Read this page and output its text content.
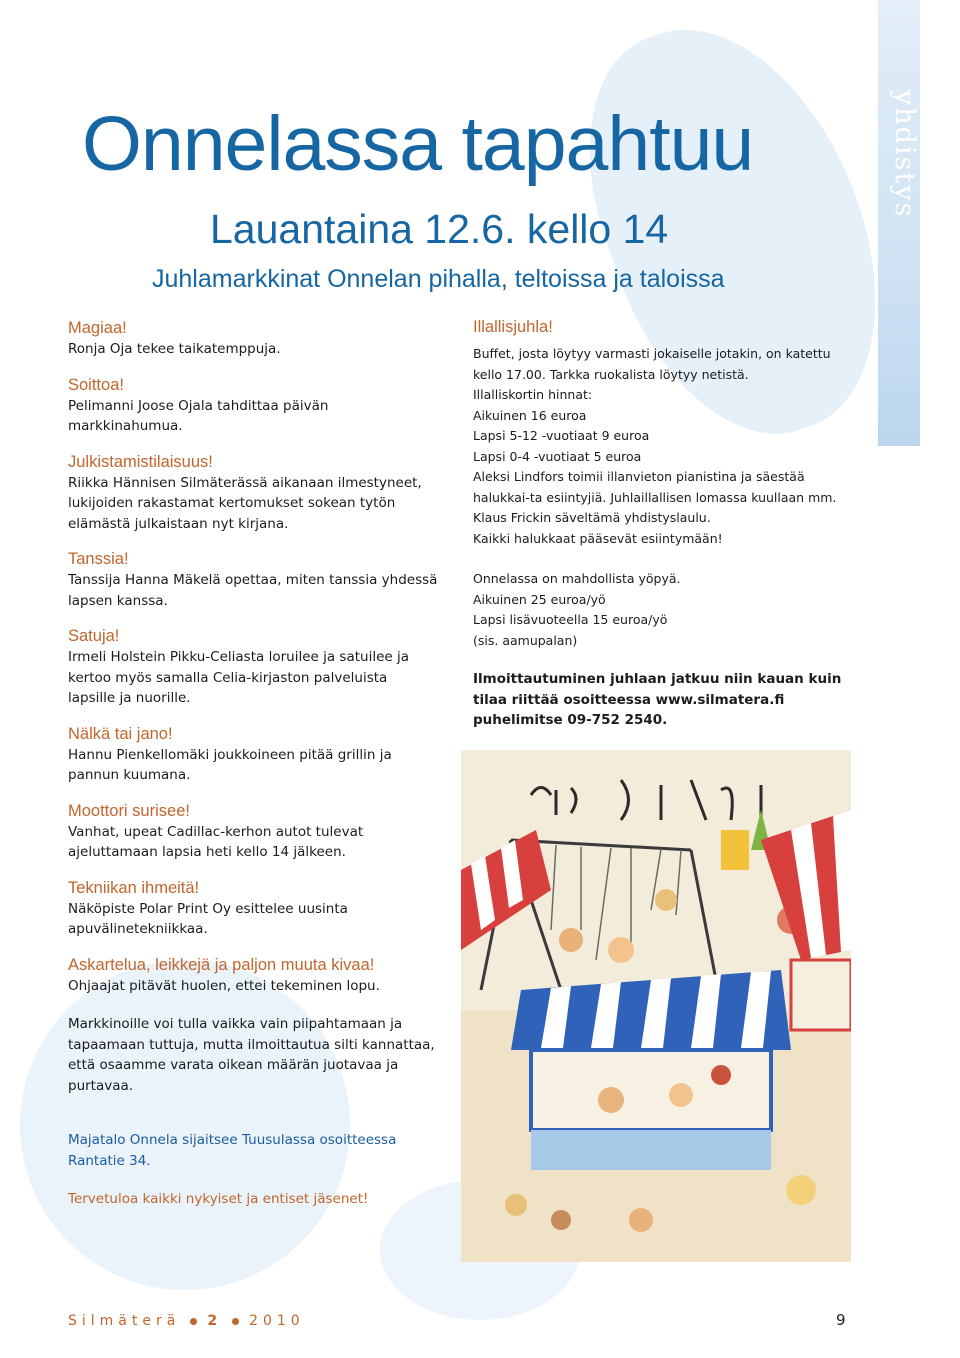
yhdistys
Onnelassa tapahtuu
Lauantaina 12.6. kello 14
Juhlamarkkinat Onnelan pihalla, teltoissa ja taloissa
Magiaa!
Ronja Oja tekee taikatemppuja.
Soittoa!
Pelimanni Joose Ojala tahdittaa päivän markkinahumua.
Julkistamistilaisuus!
Riikka Hännisen Silmäterässä aikanaan ilmestyneet, lukijoiden rakastamat kertomukset sokean tytön elämästä julkaistaan nyt kirjana.
Tanssia!
Tanssija Hanna Mäkelä opettaa, miten tanssia yhdessä lapsen kanssa.
Satuja!
Irmeli Holstein Pikku-Celiasta loruilee ja satuilee ja kertoo myös samalla Celia-kirjaston palveluista lapsille ja nuorille.
Nälkä tai jano!
Hannu Pienkellomäki joukkoineen pitää grillin ja pannun kuumana.
Moottori surisee!
Vanhat, upeat Cadillac-kerhon autot tulevat ajeluttamaan lapsia heti kello 14 jälkeen.
Tekniikan ihmeitä!
Näköpiste Polar Print Oy esittelee uusinta apuvälinetekniikkaa.
Askartelua, leikkejä ja paljon muuta kivaa!
Ohjaajat pitävät huolen, ettei tekeminen lopu.
Markkinoille voi tulla vaikka vain piipahtamaan ja tapaamaan tuttuja, mutta ilmoittautua silti kannattaa, että osaamme varata oikean määrän juotavaa ja purtavaa.
Majatalo Onnela sijaitsee Tuusulassa osoitteessa Rantatie 34.
Tervetuloa kaikki nykyiset ja entiset jäsenet!
Illallisjuhla!
Buffet, josta löytyy varmasti jokaiselle jotakin, on katettu kello 17.00. Tarkka ruokalista löytyy netistä.
Illalliskortin hinnat:
Aikuinen 16 euroa
Lapsi 5-12 -vuotiaat 9 euroa
Lapsi 0-4 -vuotiaat 5 euroa
Aleksi Lindfors toimii illanvieton pianistina ja säestää halukkai-ta esiintyjiä. Juhlaillallisen lomassa kuullaan mm. Klaus Frickin säveltämä yhdistyslaulu.
Kaikki halukkaat pääsevät esiintymään!
Onnelassa on mahdollista yöpyä.
Aikuinen 25 euroa/yö
Lapsi lisävuoteella 15 euroa/yö
(sis. aamupalan)
Ilmoittautuminen juhlaan jatkuu niin kauan kuin tilaa riittää osoitteessa www.silmatera.fi puhelimitse 09-752 2540.
Silmäterä 2 2010	9
